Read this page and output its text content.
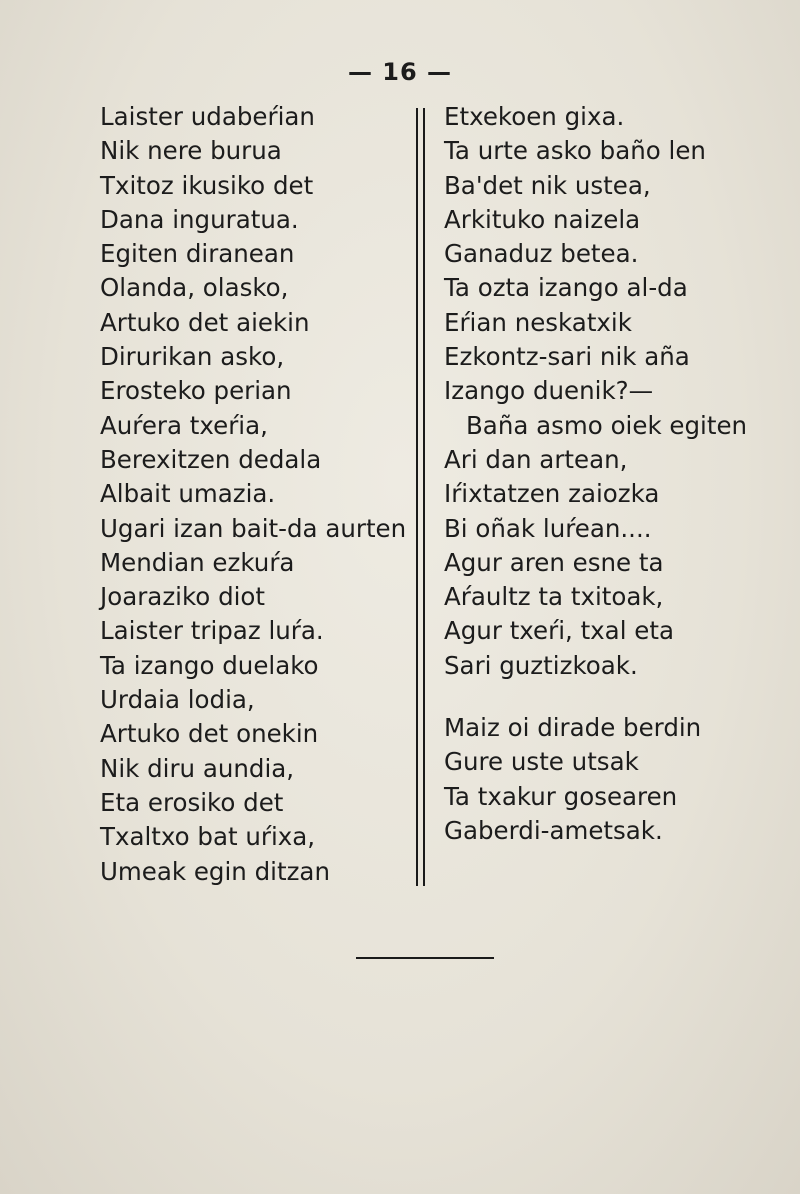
— 16 —
Laister udabeŕian
Nik nere burua
Txitoz ikusiko det
Dana inguratua.
Egiten diranean
Olanda, olasko,
Artuko det aiekin
Dirurikan asko,
Erosteko perian
Auŕera txeŕia,
Berexitzen dedala
Albait umazia.
Ugari izan bait-da aurten
Mendian ezkuŕa
Joaraziko diot
Laister tripaz luŕa.
Ta izango duelako
Urdaia lodia,
Artuko det onekin
Nik diru aundia,
Eta erosiko det
Txaltxo bat uŕixa,
Umeak egin ditzan
Etxekoen gixa.
Ta urte asko baño len
Ba'det nik ustea,
Arkituko naizela
Ganaduz betea.
Ta ozta izango al-da
Eŕian neskatxik
Ezkontz-sari nik aña
Izango duenik?—
Baña asmo oiek egiten
Ari dan artean,
Iŕixtatzen zaiozka
Bi oñak luŕean....
Agur aren esne ta
Aŕaultz ta txitoak,
Agur txeŕi, txal eta
Sari guztizkoak.
Maiz oi dirade berdin
Gure uste utsak
Ta txakur gosearen
Gaberdi-ametsak.
